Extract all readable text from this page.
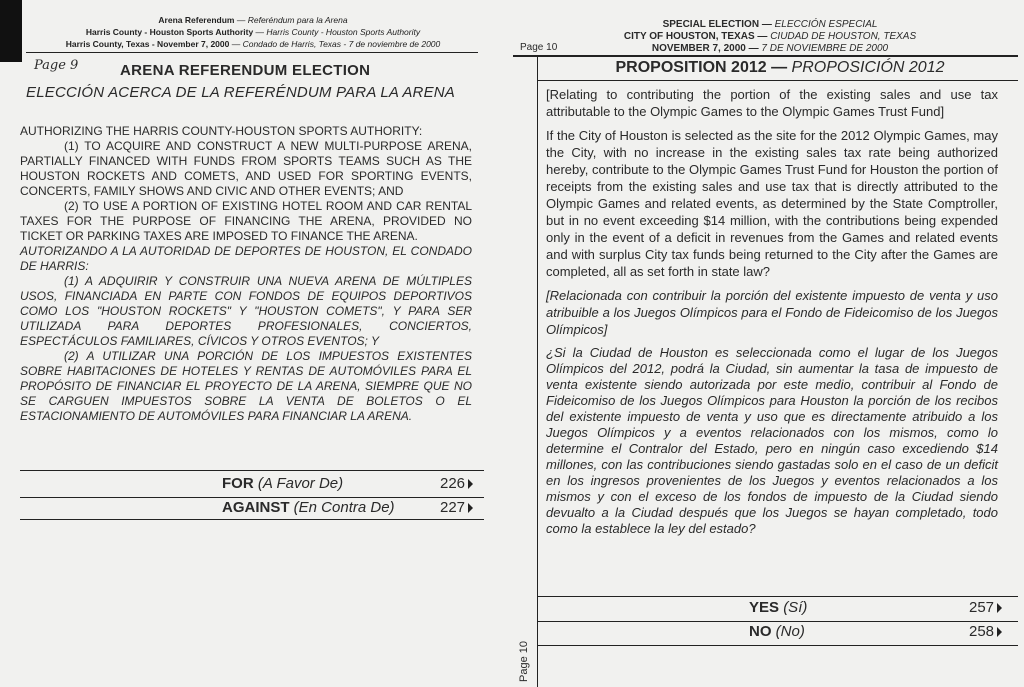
Arena Referendum — Referéndum para la Arena
Harris County - Houston Sports Authority — Harris County - Houston Sports Authority
Harris County, Texas - November 7, 2000 — Condado de Harris, Texas - 7 de noviembre de 2000
Page 9	ARENA REFERENDUM ELECTION
ELECCIÓN ACERCA DE LA REFERÉNDUM PARA LA ARENA

AUTHORIZING THE HARRIS COUNTY-HOUSTON SPORTS AUTHORITY:

(1) TO ACQUIRE AND CONSTRUCT A NEW MULTI-PURPOSE ARENA, PARTIALLY FINANCED WITH FUNDS FROM SPORTS TEAMS SUCH AS THE HOUSTON ROCKETS AND COMETS, AND USED FOR SPORTING EVENTS, CONCERTS, FAMILY SHOWS AND CIVIC AND OTHER EVENTS; AND

(2) TO USE A PORTION OF EXISTING HOTEL ROOM AND CAR RENTAL TAXES FOR THE PURPOSE OF FINANCING THE ARENA, PROVIDED NO TICKET OR PARKING TAXES ARE IMPOSED TO FINANCE THE ARENA.

AUTORIZANDO A LA AUTORIDAD DE DEPORTES DE HOUSTON, EL CONDADO DE HARRIS:

(1) A ADQUIRIR Y CONSTRUIR UNA NUEVA ARENA DE MÚLTIPLES USOS, FINANCIADA EN PARTE CON FONDOS DE EQUIPOS DEPORTIVOS COMO LOS "HOUSTON ROCKETS" Y "HOUSTON COMETS", Y PARA SER UTILIZADA PARA DEPORTES PROFESIONALES, CONCIERTOS, ESPECTÁCULOS FAMILIARES, CÍVICOS Y OTROS EVENTOS; Y

(2) A UTILIZAR UNA PORCIÓN DE LOS IMPUESTOS EXISTENTES SOBRE HABITACIONES DE HOTELES Y RENTAS DE AUTOMÓVILES PARA EL PROPÓSITO DE FINANCIAR EL PROYECTO DE LA ARENA, SIEMPRE QUE NO SE CARGUEN IMPUESTOS SOBRE LA VENTA DE BOLETOS O EL ESTACIONAMIENTO DE AUTOMÓVILES PARA FINANCIAR LA ARENA.

FOR (A Favor De)	226
AGAINST (En Contra De)	227
Page 10
SPECIAL ELECTION — ELECCIÓN ESPECIAL
CITY OF HOUSTON, TEXAS — CIUDAD DE HOUSTON, TEXAS
NOVEMBER 7, 2000 — 7 DE NOVIEMBRE DE 2000
PROPOSITION 2012 — PROPOSICIÓN 2012

[Relating to contributing the portion of the existing sales and use tax attributable to the Olympic Games to the Olympic Games Trust Fund]

If the City of Houston is selected as the site for the 2012 Olympic Games, may the City, with no increase in the existing sales tax rate being authorized hereby, contribute to the Olympic Games Trust Fund for Houston the portion of receipts from the existing sales and use tax that is directly attributed to the Olympic Games and related events, as determined by the State Comptroller, but in no event exceeding $14 million, with the contributions being expended only in the event of a deficit in revenues from the Games and related events and with surplus City tax funds being returned to the City after the Games are completed, all as set forth in state law?

[Relacionada con contribuir la porción del existente impuesto de venta y uso atribuible a los Juegos Olímpicos para el Fondo de Fideicomiso de los Juegos Olímpicos]

¿Si la Ciudad de Houston es seleccionada como el lugar de los Juegos Olímpicos del 2012, podrá la Ciudad, sin aumentar la tasa de impuesto de venta existente siendo autorizada por este medio, contribuir al Fondo de Fideicomiso de los Juegos Olímpicos para Houston la porción de los recibos del existente impuesto de venta y uso que es directamente atribuido a los Juegos Olímpicos y a eventos relacionados con los mismos, como lo determine el Contralor del Estado, pero en ningún caso excediendo $14 millones, con las contribuciones siendo gastadas solo en el caso de un deficit en los ingresos provenientes de los Juegos y eventos relacionados a los mismos y con el exceso de los fondos de impuesto de la Ciudad siendo devualto a la Ciudad después que los Juegos se hayan completado, todo como la establece la ley del estado?

YES (Sí)	257
NO (No)	258
Page 10
